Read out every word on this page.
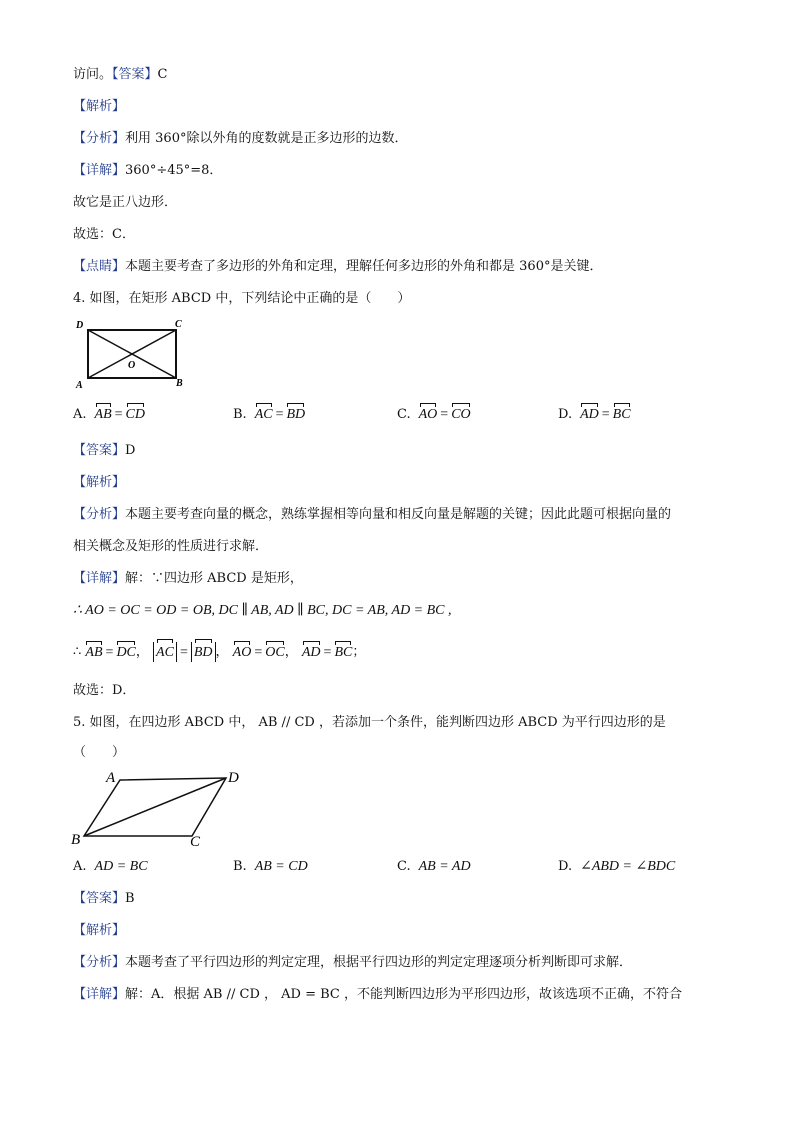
访问。【答案】C
【解析】
【分析】利用 360°除以外角的度数就是正多边形的边数．
【详解】360°÷45°=8．
故它是正八边形．
故选：C．
【点睛】本题主要考查了多边形的外角和定理，理解任何多边形的外角和都是 360°是关键．
4. 如图，在矩形 ABCD 中，下列结论中正确的是（　　）
D	C
A	B
O
A. AB = CD	B. AC = BD	C. AO = CO	D. AD = BC
【答案】D
【解析】
【分析】本题主要考查向量的概念，熟练掌握相等向量和相反向量是解题的关键；因此此题可根据向量的
相关概念及矩形的性质进行求解．
【详解】解：∵四边形 ABCD 是矩形，
∴ AO = OC = OD = OB, DC ∥ AB, AD ∥ BC, DC = AB, AD = BC ,
∴ AB = DC， AC = BD ， AO = OC， AD = BC；
故选：D．
5. 如图，在四边形 ABCD 中， AB // CD ，若添加一个条件，能判断四边形 ABCD 为平行四边形的是
（　　）
A	D
B	C
A. AD = BC	B. AB = CD	C. AB = AD	D. ∠ABD = ∠BDC
【答案】B
【解析】
【分析】本题考查了平行四边形的判定定理，根据平行四边形的判定定理逐项分析判断即可求解．
【详解】解：A．根据 AB // CD ， AD = BC ，不能判断四边形为平形四边形，故该选项不正确，不符合
